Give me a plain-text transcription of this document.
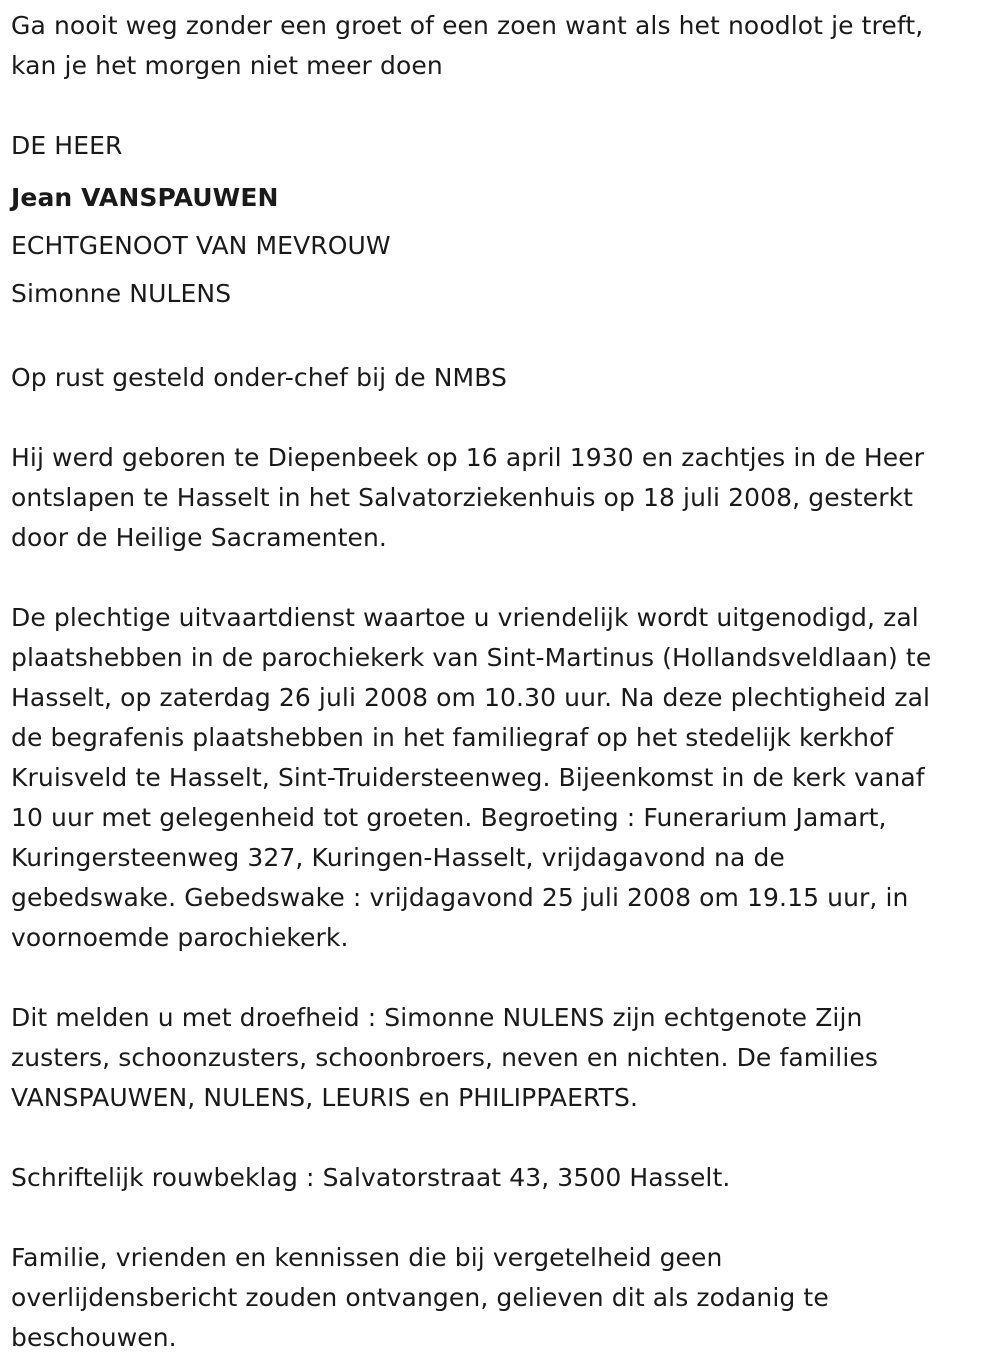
Ga nooit weg zonder een groet of een zoen want als het noodlot je treft,
kan je het morgen niet meer doen

DE HEER

Jean VANSPAUWEN

ECHTGENOOT VAN MEVROUW

Simonne NULENS

Op rust gesteld onder-chef bij de NMBS

Hij werd geboren te Diepenbeek op 16 april 1930 en zachtjes in de Heer
ontslapen te Hasselt in het Salvatorziekenhuis op 18 juli 2008, gesterkt
door de Heilige Sacramenten.

De plechtige uitvaartdienst waartoe u vriendelijk wordt uitgenodigd, zal
plaatshebben in de parochiekerk van Sint-Martinus (Hollandsveldlaan) te
Hasselt, op zaterdag 26 juli 2008 om 10.30 uur. Na deze plechtigheid zal
de begrafenis plaatshebben in het familiegraf op het stedelijk kerkhof
Kruisveld te Hasselt, Sint-Truidersteenweg. Bijeenkomst in de kerk vanaf
10 uur met gelegenheid tot groeten. Begroeting : Funerarium Jamart,
Kuringersteenweg 327, Kuringen-Hasselt, vrijdagavond na de
gebedswake. Gebedswake : vrijdagavond 25 juli 2008 om 19.15 uur, in
voornoemde parochiekerk.

Dit melden u met droefheid : Simonne NULENS zijn echtgenote Zijn
zusters, schoonzusters, schoonbroers, neven en nichten. De families
VANSPAUWEN, NULENS, LEURIS en PHILIPPAERTS.

Schriftelijk rouwbeklag : Salvatorstraat 43, 3500 Hasselt.

Familie, vrienden en kennissen die bij vergetelheid geen
overlijdensbericht zouden ontvangen, gelieven dit als zodanig te
beschouwen.
